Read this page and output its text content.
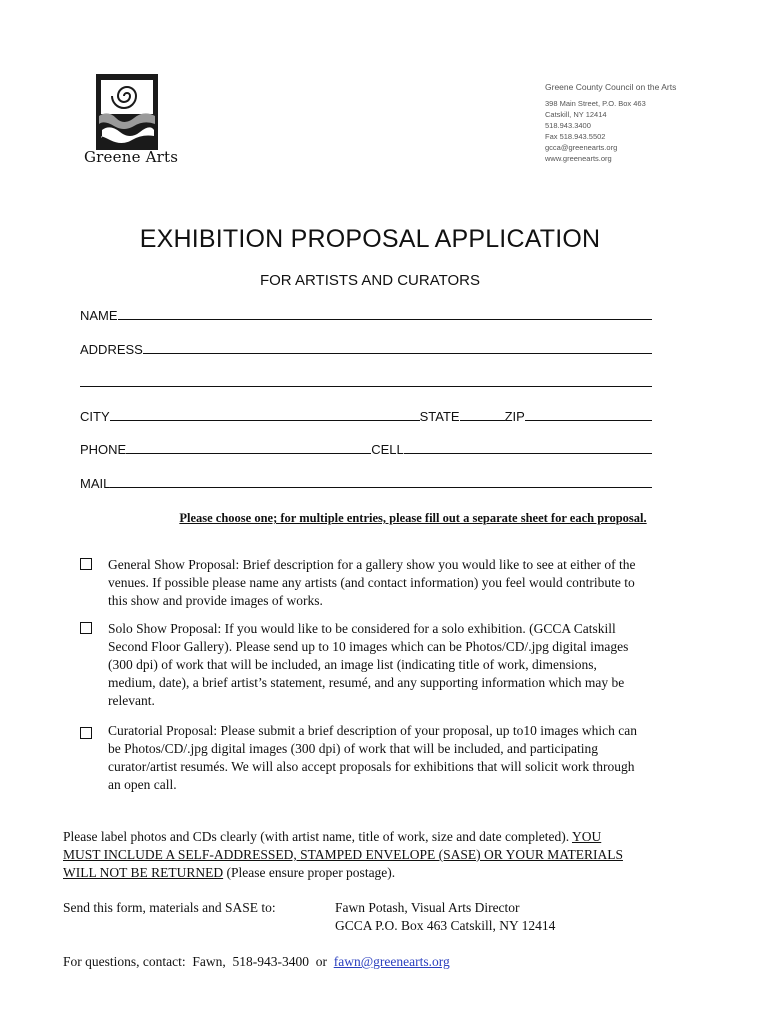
Greene Arts
Greene County Council on the Arts
398 Main Street, P.O. Box 463
Catskill, NY 12414
518.943.3400
Fax 518.943.5502
gcca@greenearts.org
www.greenearts.org
EXHIBITION PROPOSAL APPLICATION
FOR ARTISTS AND CURATORS
NAME
ADDRESS
CITY	STATE	ZIP
PHONE	CELL
MAIL
Please choose one; for multiple entries, please fill out a separate sheet for each proposal.
General Show Proposal: Brief description for a gallery show you would like to see at either of the
venues. If possible please name any artists (and contact information) you feel would contribute to
this show and provide images of works.
Solo Show Proposal: If you would like to be considered for a solo exhibition. (GCCA Catskill
Second Floor Gallery). Please send up to 10 images which can be Photos/CD/.jpg digital images
(300 dpi) of work that will be included, an image list (indicating title of work, dimensions,
medium, date), a brief artist’s statement, resumé, and any supporting information which may be
relevant.
Curatorial Proposal: Please submit a brief description of your proposal, up to10 images which can
be Photos/CD/.jpg digital images (300 dpi) of work that will be included, and participating
curator/artist resumés. We will also accept proposals for exhibitions that will solicit work through
an open call.
Please label photos and CDs clearly (with artist name, title of work, size and date completed). YOU
MUST INCLUDE A SELF-ADDRESSED, STAMPED ENVELOPE (SASE) OR YOUR MATERIALS
WILL NOT BE RETURNED (Please ensure proper postage).
Send this form, materials and SASE to:	Fawn Potash, Visual Arts Director
GCCA P.O. Box 463 Catskill, NY 12414
For questions, contact:  Fawn,  518-943-3400  or  fawn@greenearts.org
